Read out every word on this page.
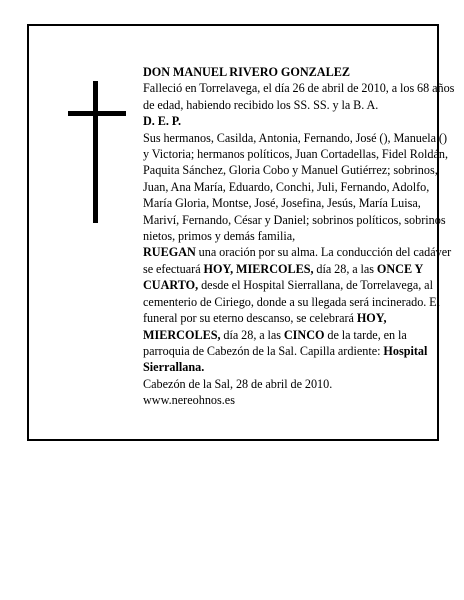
DON MANUEL RIVERO GONZALEZ

Falleció en Torrelavega, el día 26 de abril de 2010, a los 68 años de edad, habiendo recibido los SS. SS. y la B. A.

D. E. P.

Sus hermanos, Casilda, Antonia, Fernando, José (), Manuela () y Victoria; hermanos políticos, Juan Cortadellas, Fidel Roldán, Paquita Sánchez, Gloria Cobo y Manuel Gutiérrez; sobrinos, Juan, Ana María, Eduardo, Conchi, Juli, Fernando, Adolfo, María Gloria, Montse, José, Josefina, Jesús, María Luisa, Mariví, Fernando, César y Daniel; sobrinos políticos, sobrinos nietos, primos y demás familia,

RUEGAN una oración por su alma. La conducción del cadáver se efectuará HOY, MIERCOLES, día 28, a las ONCE Y CUARTO, desde el Hospital Sierrallana, de Torrelavega, al cementerio de Ciriego, donde a su llegada será incinerado. El funeral por su eterno descanso, se celebrará HOY, MIERCOLES, día 28, a las CINCO de la tarde, en la parroquia de Cabezón de la Sal. Capilla ardiente: Hospital Sierrallana.

Cabezón de la Sal, 28 de abril de 2010.

www.nereohnos.es
